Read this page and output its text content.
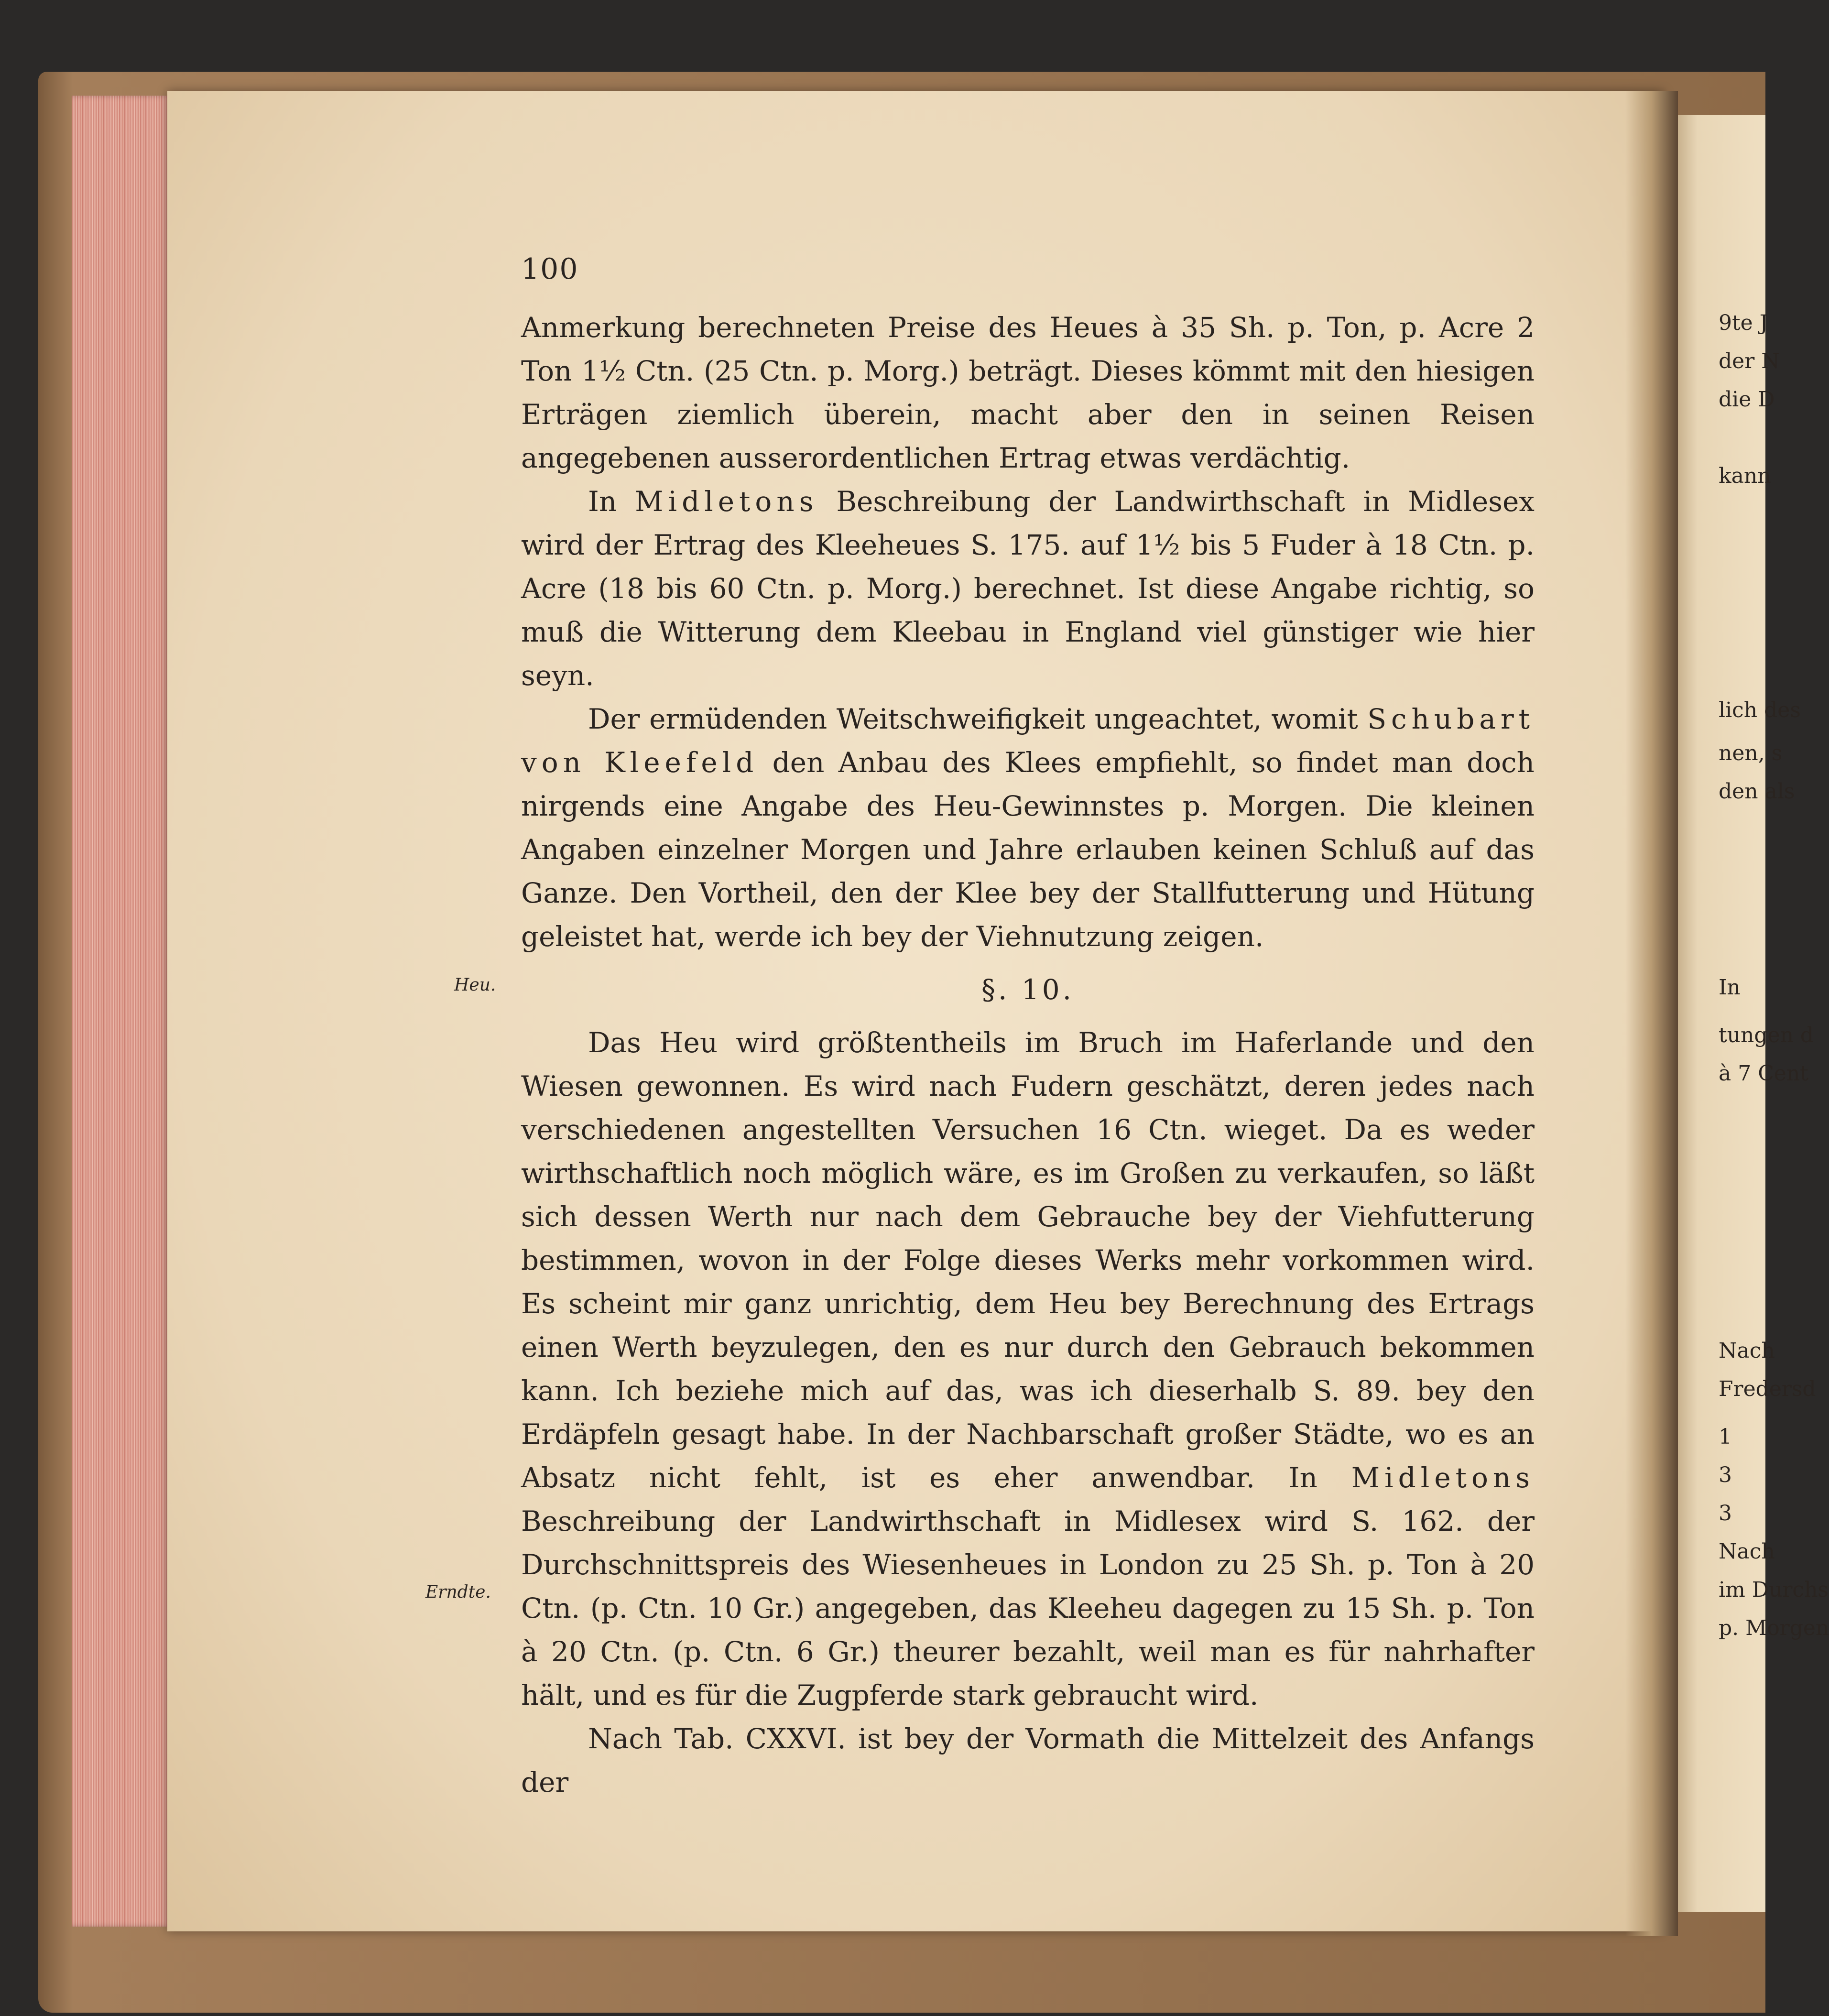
100
Heu.
Erndte.

Anmerkung berechneten Preise des Heues à 35 Sh. p. Ton, p. Acre 2 Ton 1½ Ctn. (25 Ctn. p. Morg.) beträgt. Dieses kömmt mit den hiesigen Erträgen ziemlich überein, macht aber den in seinen Reisen angegebenen ausserordentlichen Ertrag etwas verdächtig.

In Midletons Beschreibung der Landwirthschaft in Midlesex wird der Ertrag des Kleeheues S. 175. auf 1½ bis 5 Fuder à 18 Ctn. p. Acre (18 bis 60 Ctn. p. Morg.) berechnet. Ist diese Angabe richtig, so muß die Witterung dem Kleebau in England viel günstiger wie hier seyn.

Der ermüdenden Weitschweifigkeit ungeachtet, womit Schubart von Kleefeld den Anbau des Klees empfiehlt, so findet man doch nirgends eine Angabe des Heu-Gewinnstes p. Morgen. Die kleinen Angaben einzelner Morgen und Jahre erlauben keinen Schluß auf das Ganze. Den Vortheil, den der Klee bey der Stallfutterung und Hütung geleistet hat, werde ich bey der Viehnutzung zeigen.

§. 10.

Das Heu wird größtentheils im Bruch im Haferlande und den Wiesen gewonnen. Es wird nach Fudern geschätzt, deren jedes nach verschiedenen angestellten Versuchen 16 Ctn. wieget. Da es weder wirthschaftlich noch möglich wäre, es im Großen zu verkaufen, so läßt sich dessen Werth nur nach dem Gebrauche bey der Viehfutterung bestimmen, wovon in der Folge dieses Werks mehr vorkommen wird. Es scheint mir ganz unrichtig, dem Heu bey Berechnung des Ertrags einen Werth beyzulegen, den es nur durch den Gebrauch bekommen kann. Ich beziehe mich auf das, was ich dieserhalb S. 89. bey den Erdäpfeln gesagt habe. In der Nachbarschaft großer Städte, wo es an Absatz nicht fehlt, ist es eher anwendbar. In Midletons Beschreibung der Landwirthschaft in Midlesex wird S. 162. der Durchschnittspreis des Wiesenheues in London zu 25 Sh. p. Ton à 20 Ctn. (p. Ctn. 10 Gr.) angegeben, das Kleeheu dagegen zu 15 Sh. p. Ton à 20 Ctn. (p. Ctn. 6 Gr.) theurer bezahlt, weil man es für nahrhafter hält, und es für die Zugpferde stark gebraucht wird.

Nach Tab. CXXVI. ist bey der Vormath die Mittelzeit des Anfangs der

9te J
der N
die D
kann
lich des
nen, s
den als
In
tungen d
à 7 Cent
Nach
Fredersd
1
3
3
Nach
im Durchs
p. Morgen
